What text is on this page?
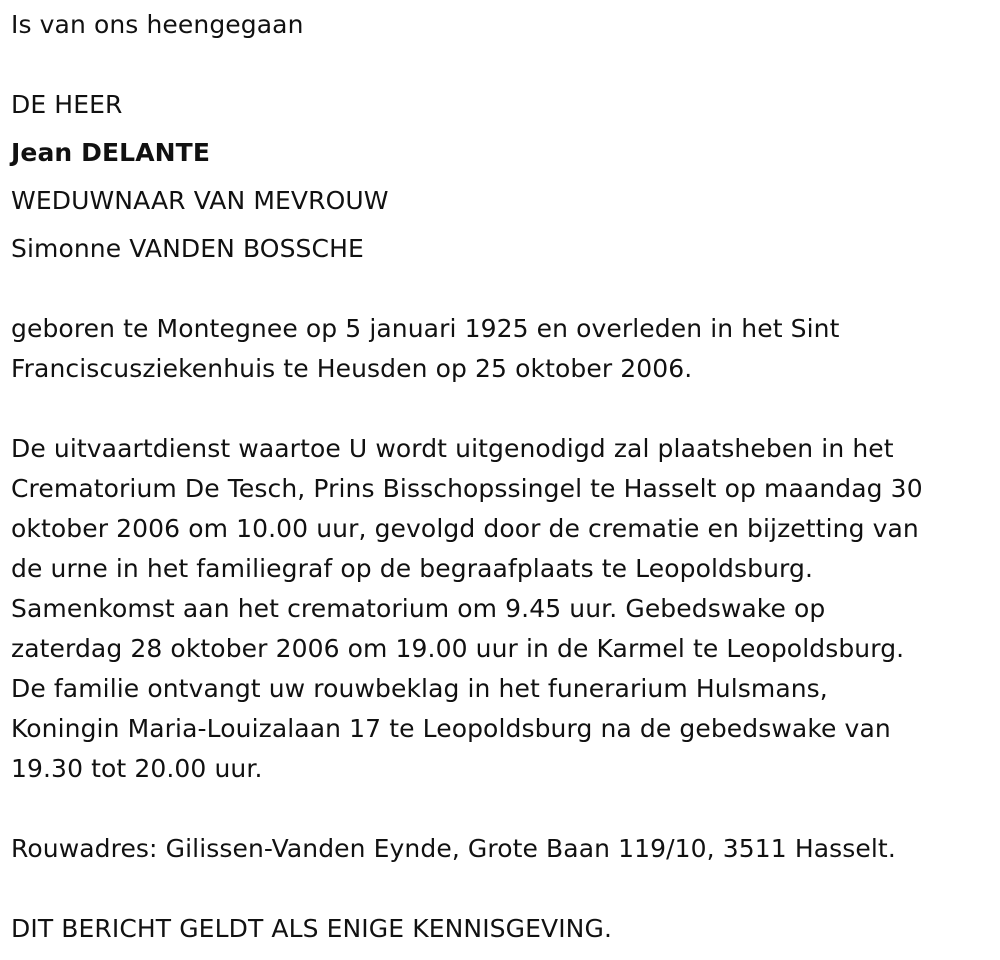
Is van ons heengegaan
DE HEER
Jean DELANTE
WEDUWNAAR VAN MEVROUW
Simonne VANDEN BOSSCHE
geboren te Montegnee op 5 januari 1925 en overleden in het Sint
Franciscusziekenhuis te Heusden op 25 oktober 2006.
De uitvaartdienst waartoe U wordt uitgenodigd zal plaatsheben in het
Crematorium De Tesch, Prins Bisschopssingel te Hasselt op maandag 30
oktober 2006 om 10.00 uur, gevolgd door de crematie en bijzetting van
de urne in het familiegraf op de begraafplaats te Leopoldsburg.
Samenkomst aan het crematorium om 9.45 uur. Gebedswake op
zaterdag 28 oktober 2006 om 19.00 uur in de Karmel te Leopoldsburg.
De familie ontvangt uw rouwbeklag in het funerarium Hulsmans,
Koningin Maria-Louizalaan 17 te Leopoldsburg na de gebedswake van
19.30 tot 20.00 uur.
Rouwadres: Gilissen-Vanden Eynde, Grote Baan 119/10, 3511 Hasselt.
DIT BERICHT GELDT ALS ENIGE KENNISGEVING.
